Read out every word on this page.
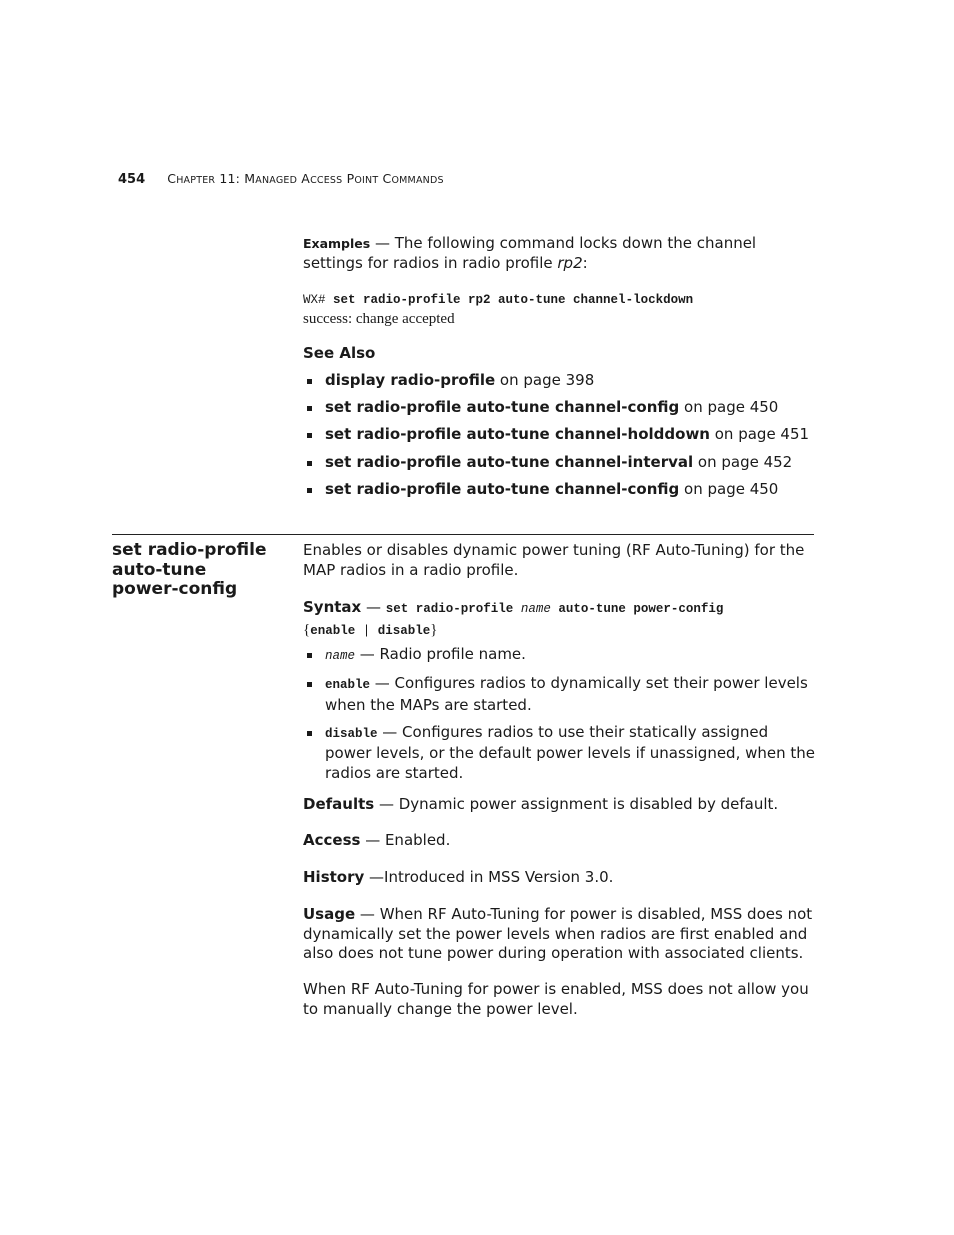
454 CHAPTER 11: MANAGED ACCESS POINT COMMANDS
Examples — The following command locks down the channel settings for radios in radio profile rp2:
WX# set radio-profile rp2 auto-tune channel-lockdown
success: change accepted
See Also
display radio-profile on page 398
set radio-profile auto-tune channel-config on page 450
set radio-profile auto-tune channel-holddown on page 451
set radio-profile auto-tune channel-interval on page 452
set radio-profile auto-tune channel-config on page 450
set radio-profile
auto-tune
power-config
Enables or disables dynamic power tuning (RF Auto-Tuning) for the MAP radios in a radio profile.
Syntax — set radio-profile name auto-tune power-config
{enable | disable}
name — Radio profile name.
enable — Configures radios to dynamically set their power levels when the MAPs are started.
disable — Configures radios to use their statically assigned power levels, or the default power levels if unassigned, when the radios are started.
Defaults — Dynamic power assignment is disabled by default.
Access — Enabled.
History —Introduced in MSS Version 3.0.
Usage — When RF Auto-Tuning for power is disabled, MSS does not dynamically set the power levels when radios are first enabled and also does not tune power during operation with associated clients.
When RF Auto-Tuning for power is enabled, MSS does not allow you to manually change the power level.
